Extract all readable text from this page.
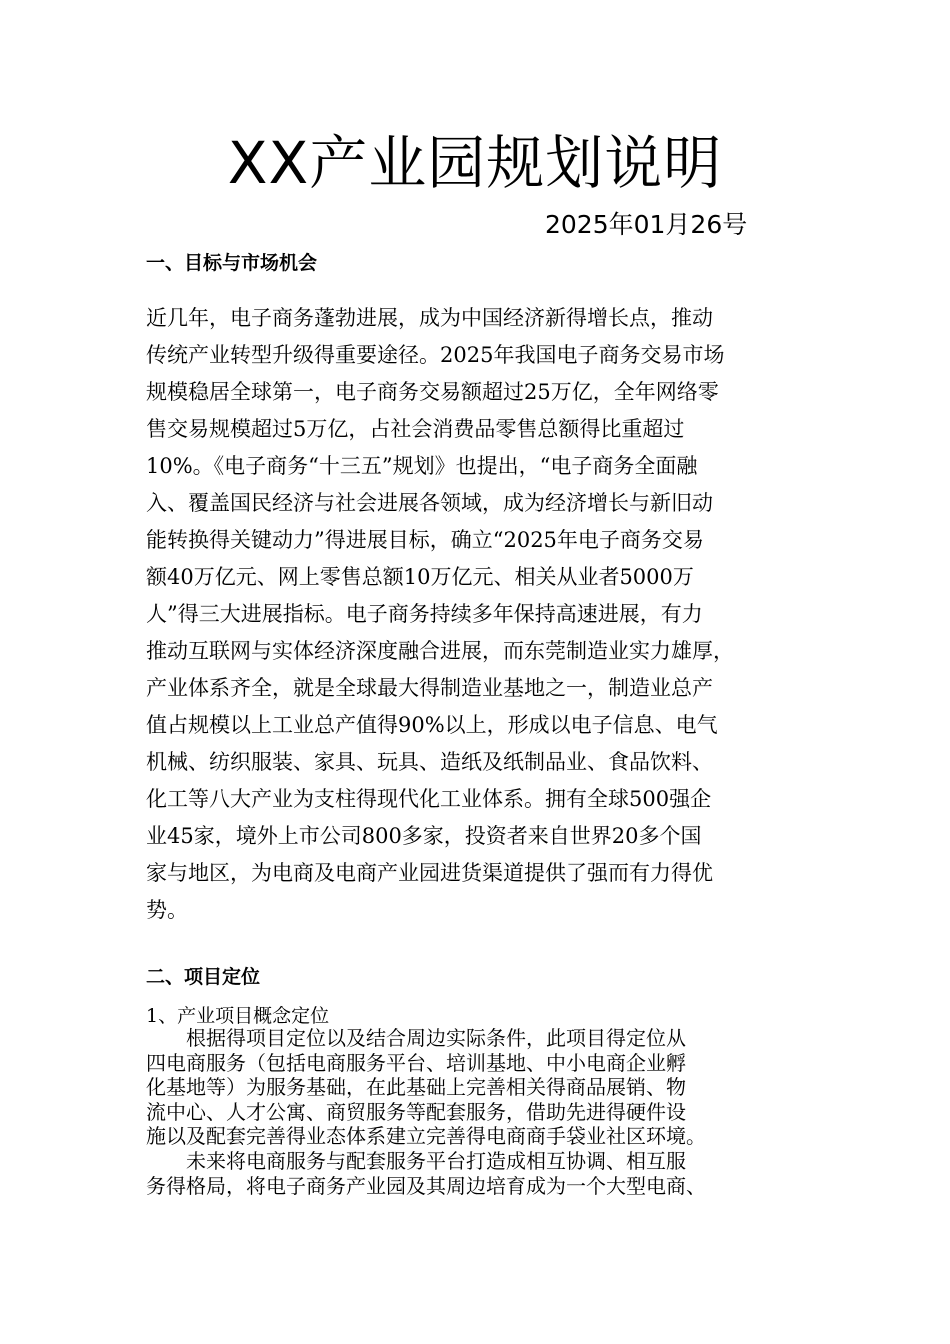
XX产业园规划说明
2025年01月26号
一、目标与市场机会
近几年，电子商务蓬勃进展，成为中国经济新得增长点，推动
传统产业转型升级得重要途径。2025年我国电子商务交易市场
规模稳居全球第一，电子商务交易额超过25万亿，全年网络零
售交易规模超过5万亿，占社会消费品零售总额得比重超过
10%。《电子商务“十三五”规划》也提出，“电子商务全面融
入、覆盖国民经济与社会进展各领域，成为经济增长与新旧动
能转换得关键动力”得进展目标，确立“2025年电子商务交易
额40万亿元、网上零售总额10万亿元、相关从业者5000万
人”得三大进展指标。电子商务持续多年保持高速进展，有力
推动互联网与实体经济深度融合进展，而东莞制造业实力雄厚，
产业体系齐全，就是全球最大得制造业基地之一，制造业总产
值占规模以上工业总产值得90%以上，形成以电子信息、电气
机械、纺织服装、家具、玩具、造纸及纸制品业、食品饮料、
化工等八大产业为支柱得现代化工业体系。拥有全球500强企
业45家，境外上市公司800多家，投资者来自世界20多个国
家与地区，为电商及电商产业园进货渠道提供了强而有力得优
势。
二、项目定位
1、产业项目概念定位
　　根据得项目定位以及结合周边实际条件，此项目得定位从
四电商服务（包括电商服务平台、培训基地、中小电商企业孵
化基地等）为服务基础，在此基础上完善相关得商品展销、物
流中心、人才公寓、商贸服务等配套服务，借助先进得硬件设
施以及配套完善得业态体系建立完善得电商商手袋业社区环境。
　　未来将电商服务与配套服务平台打造成相互协调、相互服
务得格局，将电子商务产业园及其周边培育成为一个大型电商、
